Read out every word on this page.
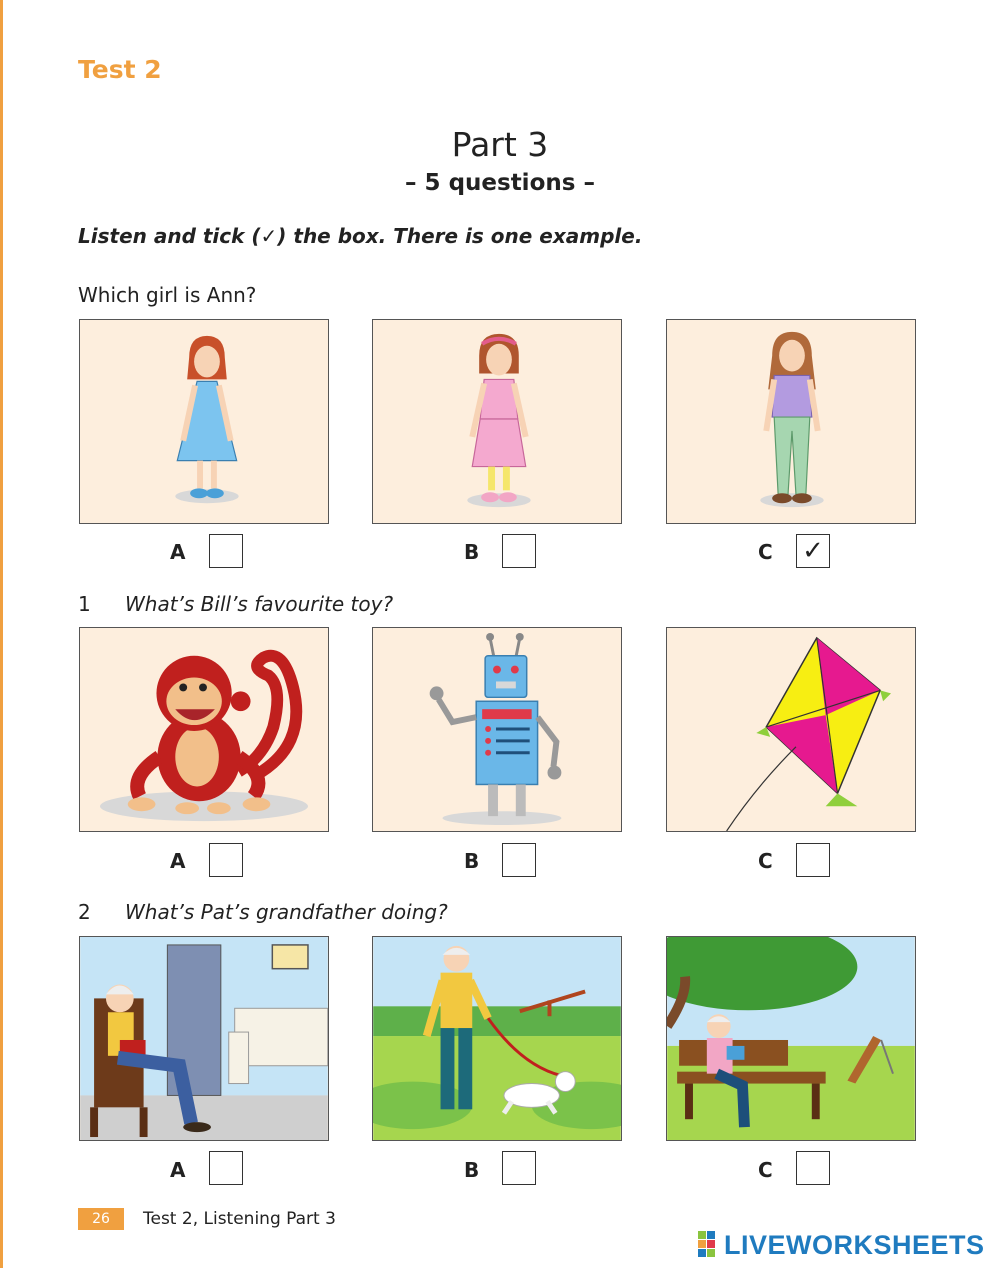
Test 2
Part 3
– 5 questions –
Listen and tick (✓) the box. There is one example.
Which girl is Ann?
A	B	C ✓
1 What’s Bill’s favourite toy?
A	B	C
2 What’s Pat’s grandfather doing?
A	B	C
26	Test 2, Listening Part 3
LIVEWORKSHEETS
